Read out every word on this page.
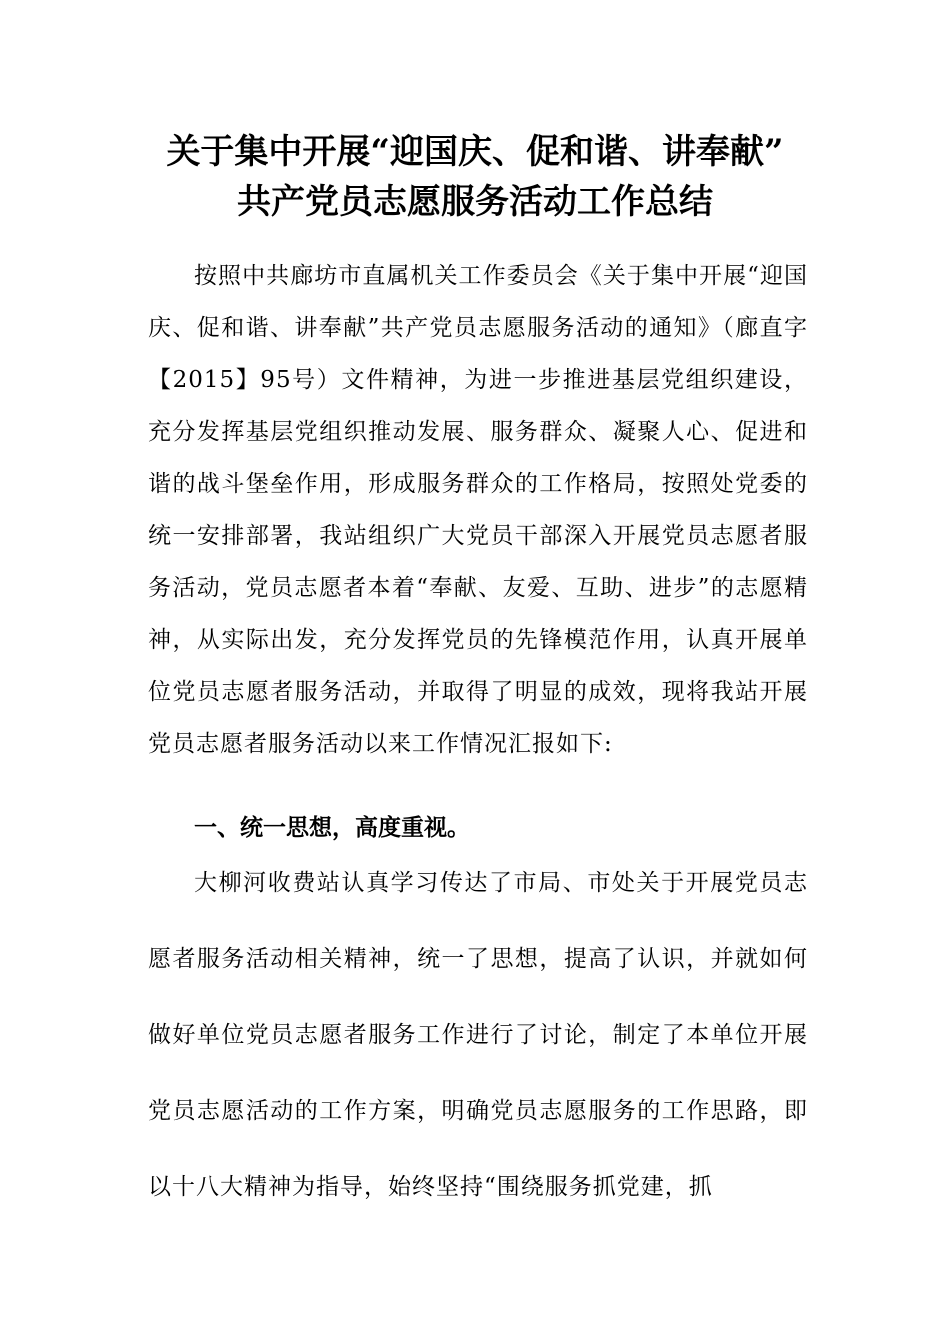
关于集中开展“迎国庆、促和谐、讲奉献”
共产党员志愿服务活动工作总结

按照中共廊坊市直属机关工作委员会《关于集中开展“迎国庆、促和谐、讲奉献”共产党员志愿服务活动的通知》（廊直字【2015】95号）文件精神，为进一步推进基层党组织建设，充分发挥基层党组织推动发展、服务群众、凝聚人心、促进和谐的战斗堡垒作用，形成服务群众的工作格局，按照处党委的统一安排部署，我站组织广大党员干部深入开展党员志愿者服务活动，党员志愿者本着“奉献、友爱、互助、进步”的志愿精神，从实际出发，充分发挥党员的先锋模范作用，认真开展单位党员志愿者服务活动，并取得了明显的成效，现将我站开展党员志愿者服务活动以来工作情况汇报如下:

一、统一思想，高度重视。

大柳河收费站认真学习传达了市局、市处关于开展党员志愿者服务活动相关精神，统一了思想，提高了认识，并就如何做好单位党员志愿者服务工作进行了讨论，制定了本单位开展党员志愿活动的工作方案，明确党员志愿服务的工作思路，即以十八大精神为指导，始终坚持“围绕服务抓党建，抓
